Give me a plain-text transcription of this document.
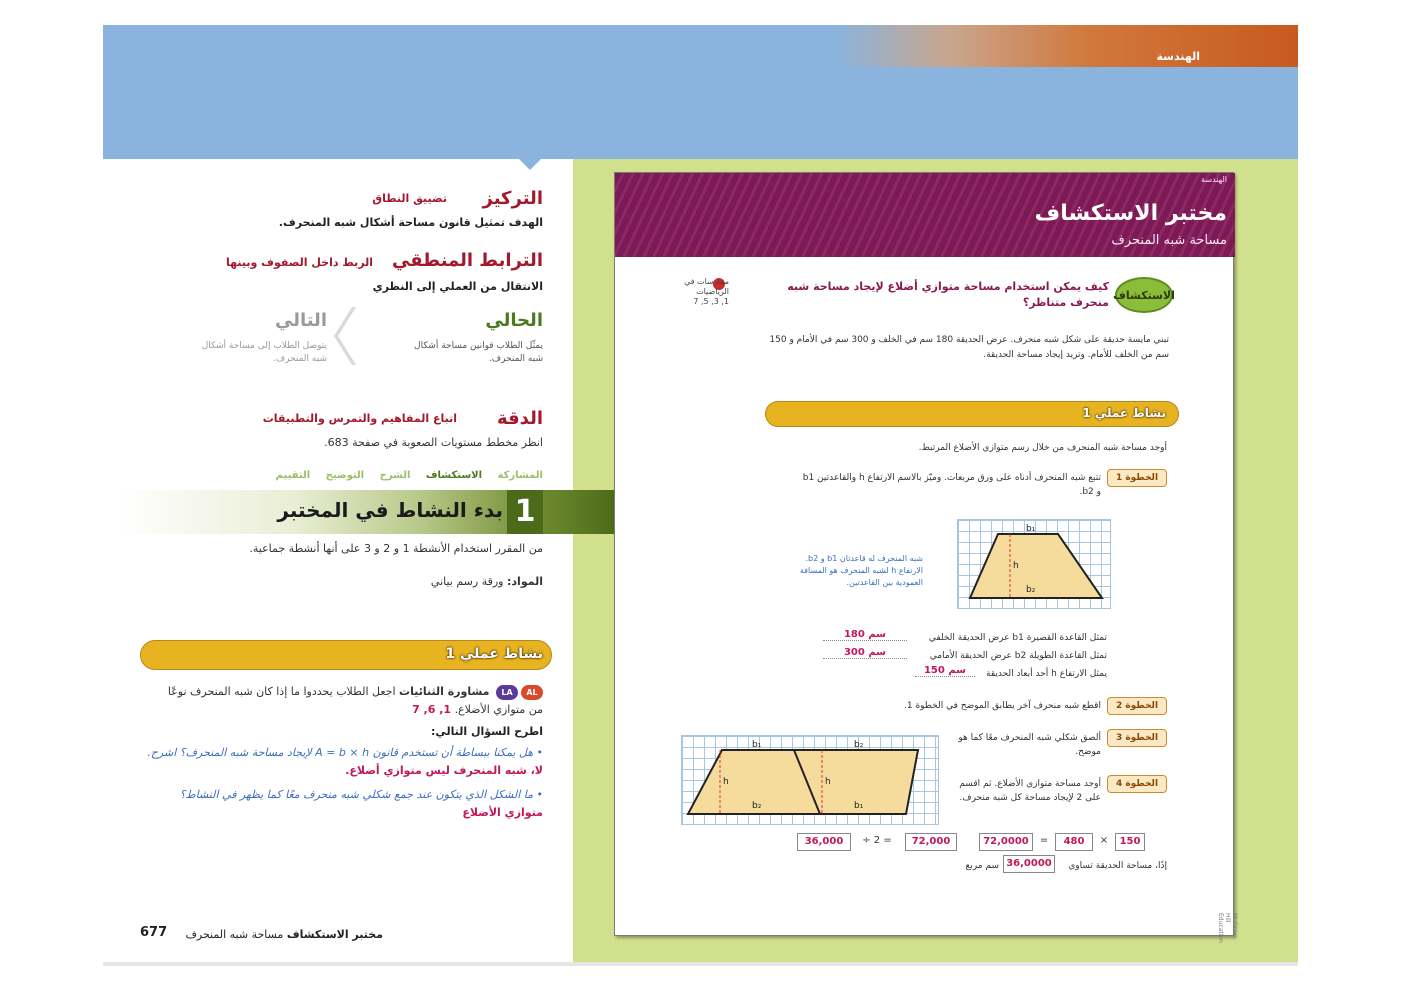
الهندسة
التركيز
تضييق النطاق
الهدف تمثيل قانون مساحة أشكال شبه المنحرف.
الترابط المنطقي
الربط داخل الصفوف وبينها
الانتقال من العملي إلى النظري
الحالي
يمثّل الطلاب قوانين مساحة أشكال شبه المنحرف.
التالي
يتوصل الطلاب إلى مساحة أشكال شبه المنحرف.
الدقة
اتباع المفاهيم والتمرس والتطبيقات
انظر مخطط مستويات الصعوبة في صفحة 683.
المشاركة الاستكشاف الشرح التوضيح التقييم
1
بدء النشاط في المختبر
من المقرر استخدام الأنشطة 1 و 2 و 3 على أنها أنشطة جماعية.
المواد: ورقة رسم بياني
نشاط عملي 1
ALLA مشاورة الثنائيات اجعل الطلاب يحددوا ما إذا كان شبه المنحرف نوعًا من متوازي الأضلاع. 1, 6, 7
اطرح السؤال التالي:
• هل يمكنا ببساطة أن تستخدم قانون A = b × h لإيجاد مساحة شبه المنحرف؟ اشرح. لا، شبه المنحرف ليس متوازي أضلاع.
• ما الشكل الذي يتكون عند جمع شكلي شبه منحرف معًا كما يظهر في النشاط؟ متوازي الأضلاع
مختبر الاستكشاف مساحة شبه المنحرف
677
الهندسة
مختبر الاستكشاف
مساحة شبه المنحرف
الاستكشاف
كيف يمكن استخدام مساحة متوازي أضلاع لإيجاد مساحة شبه منحرف متناظر؟
ممارسات في الرياضيات
1, 3, 5, 7
تبني مايسة حديقة على شكل شبه منحرف. عرض الحديقة 180 سم في الخلف و 300 سم في الأمام و 150 سم من الخلف للأمام. وتريد إيجاد مساحة الحديقة.
نشاط عملي 1
أوجد مساحة شبه المنحرف من خلال رسم متوازي الأضلاع المرتبط.
الخطوة 1
تتبع شبه المنحرف أدناه على ورق مربعات. وميّز بالاسم الارتفاع h والقاعدتين b1 و b2.
b₁
b₂
h
شبه المنحرف له قاعدتان b1 و b2. الارتفاع h لشبه المنحرف هو المسافة العمودية بين القاعدتين.
تمثل القاعدة القصيرة b1 عرض الحديقة الخلفي
180 سم
تمثل القاعدة الطويلة b2 عرض الحديقة الأمامي
300 سم
يمثل الارتفاع h أحد أبعاد الحديقة
150 سم
الخطوة 2
اقطع شبه منحرف آخر يطابق الموضح في الخطوة 1.
الخطوة 3
ألصق شكلي شبه المنحرف معًا كما هو موضح.
b₁
b₂
b₂
b₁
h	h	الخطوة 4
أوجد مساحة متوازي الأضلاع. ثم اقسم على 2 لإيجاد مساحة كل شبه منحرف.
150
×
480
=
72,0000
72,000
÷ 2 =
36,000
إذًا، مساحة الحديقة تساوي
36,0000
سم مربع
McGraw-Hill Education
